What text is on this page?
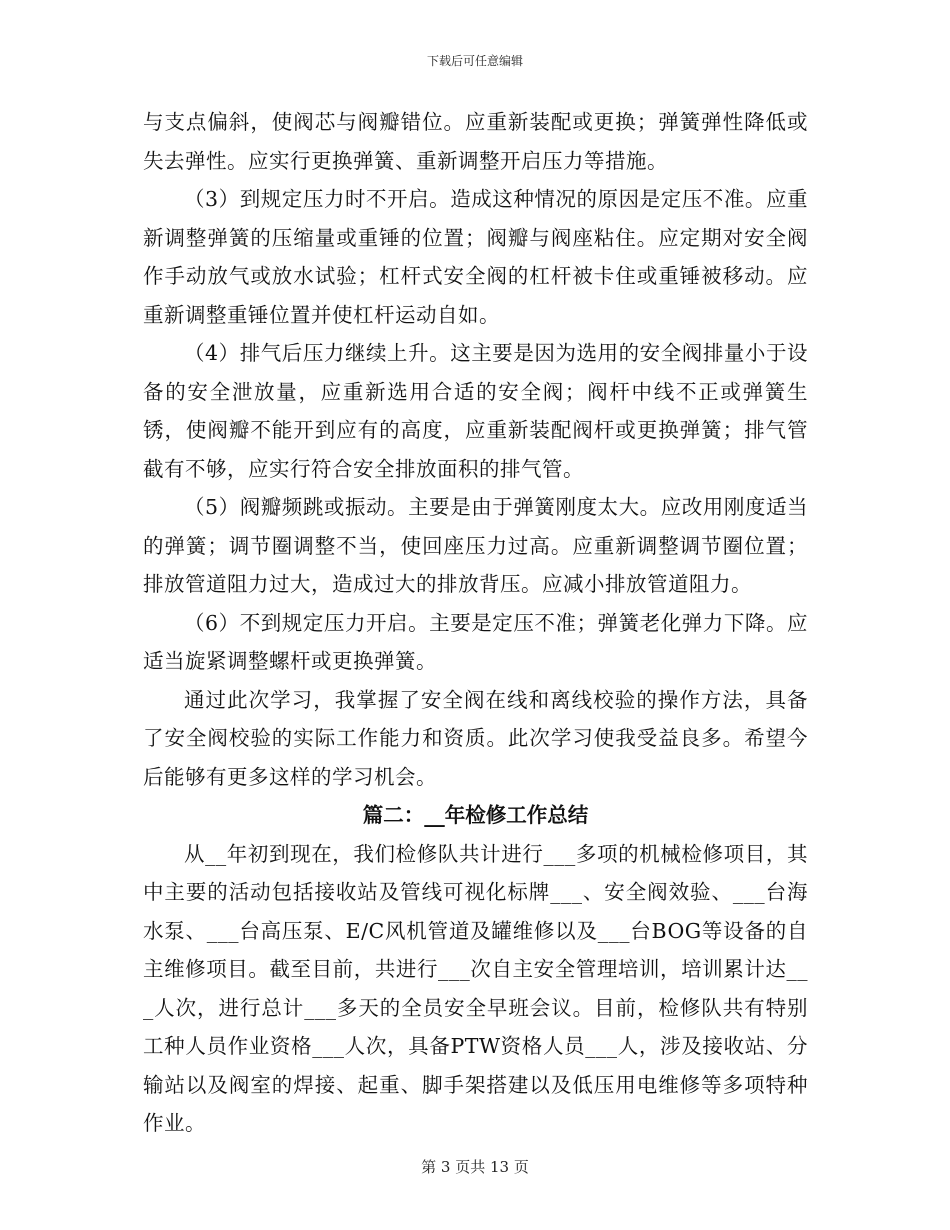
下载后可任意编辑

与支点偏斜，使阀芯与阀瓣错位。应重新装配或更换；弹簧弹性降低或失去弹性。应实行更换弹簧、重新调整开启压力等措施。

（3）到规定压力时不开启。造成这种情况的原因是定压不准。应重新调整弹簧的压缩量或重锤的位置；阀瓣与阀座粘住。应定期对安全阀作手动放气或放水试验；杠杆式安全阀的杠杆被卡住或重锤被移动。应重新调整重锤位置并使杠杆运动自如。

（4）排气后压力继续上升。这主要是因为选用的安全阀排量小于设备的安全泄放量，应重新选用合适的安全阀；阀杆中线不正或弹簧生锈，使阀瓣不能开到应有的高度，应重新装配阀杆或更换弹簧；排气管截有不够，应实行符合安全排放面积的排气管。

（5）阀瓣频跳或振动。主要是由于弹簧刚度太大。应改用刚度适当的弹簧；调节圈调整不当，使回座压力过高。应重新调整调节圈位置；排放管道阻力过大，造成过大的排放背压。应减小排放管道阻力。

（6）不到规定压力开启。主要是定压不准；弹簧老化弹力下降。应适当旋紧调整螺杆或更换弹簧。

通过此次学习，我掌握了安全阀在线和离线校验的操作方法，具备了安全阀校验的实际工作能力和资质。此次学习使我受益良多。希望今后能够有更多这样的学习机会。

篇二：__年检修工作总结

从__年初到现在，我们检修队共计进行___多项的机械检修项目，其中主要的活动包括接收站及管线可视化标牌___、安全阀效验、___台海水泵、___台高压泵、E/C风机管道及罐维修以及___台BOG等设备的自主维修项目。截至目前，共进行___次自主安全管理培训，培训累计达___人次，进行总计___多天的全员安全早班会议。目前，检修队共有特别工种人员作业资格___人次，具备PTW资格人员___人，涉及接收站、分输站以及阀室的焊接、起重、脚手架搭建以及低压用电维修等多项特种作业。

第 3 页共 13 页
